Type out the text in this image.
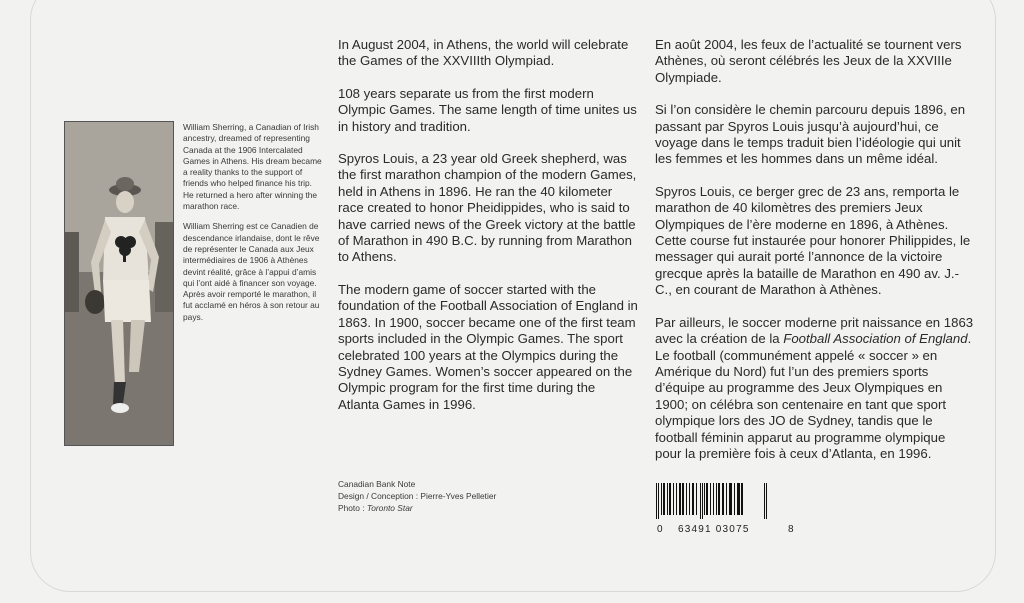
William Sherring, a Canadian of Irish ancestry, dreamed of representing Canada at the 1906 Intercalated Games in Athens. His dream became a reality thanks to the support of friends who helped finance his trip. He returned a hero after winning the marathon race.

William Sherring est ce Canadien de descendance irlandaise, dont le rêve de représenter le Canada aux Jeux intermédiaires de 1906 à Athènes devint réalité, grâce à l’appui d’amis qui l’ont aidé à financer son voyage. Après avoir remporté le marathon, il fut acclamé en héros à son retour au pays.

In August 2004, in Athens, the world will celebrate the Games of the XXVIIIth Olympiad.

108 years separate us from the first modern Olympic Games. The same length of time unites us in history and tradition.

Spyros Louis, a 23 year old Greek shepherd, was the first marathon champion of the modern Games, held in Athens in 1896. He ran the 40 kilometer race created to honor Pheidippides, who is said to have carried news of the Greek victory at the battle of Marathon in 490 B.C. by running from Marathon to Athens.

The modern game of soccer started with the foundation of the Football Association of England in 1863. In 1900, soccer became one of the first team sports included in the Olympic Games. The sport celebrated 100 years at the Olympics during the Sydney Games. Women’s soccer appeared on the Olympic program for the first time during the Atlanta Games in 1996.

En août 2004, les feux de l’actualité se tournent vers Athènes, où seront célébrés les Jeux de la XXVIIIe Olympiade.

Si l’on considère le chemin parcouru depuis 1896, en passant par Spyros Louis jusqu’à aujourd’hui, ce voyage dans le temps traduit bien l’idéologie qui unit les femmes et les hommes dans un même idéal.

Spyros Louis, ce berger grec de 23 ans, remporta le marathon de 40 kilomètres des premiers Jeux Olympiques de l’ère moderne en 1896, à Athènes. Cette course fut instaurée pour honorer Philippides, le messager qui aurait porté l’annonce de la victoire grecque après la bataille de Marathon en 490 av. J.-C., en courant de Marathon à Athènes.

Par ailleurs, le soccer moderne prit naissance en 1863 avec la création de la Football Association of England. Le football (communément appelé « soccer » en Amérique du Nord) fut l’un des premiers sports d’équipe au programme des Jeux Olympiques en 1900; on célébra son centenaire en tant que sport olympique lors des JO de Sydney, tandis que le football féminin apparut au programme olympique pour la première fois à ceux d’Atlanta, en 1996.

Canadian Bank Note
Design / Conception : Pierre-Yves Pelletier
Photo : Toronto Star
0 63491 03075	8
